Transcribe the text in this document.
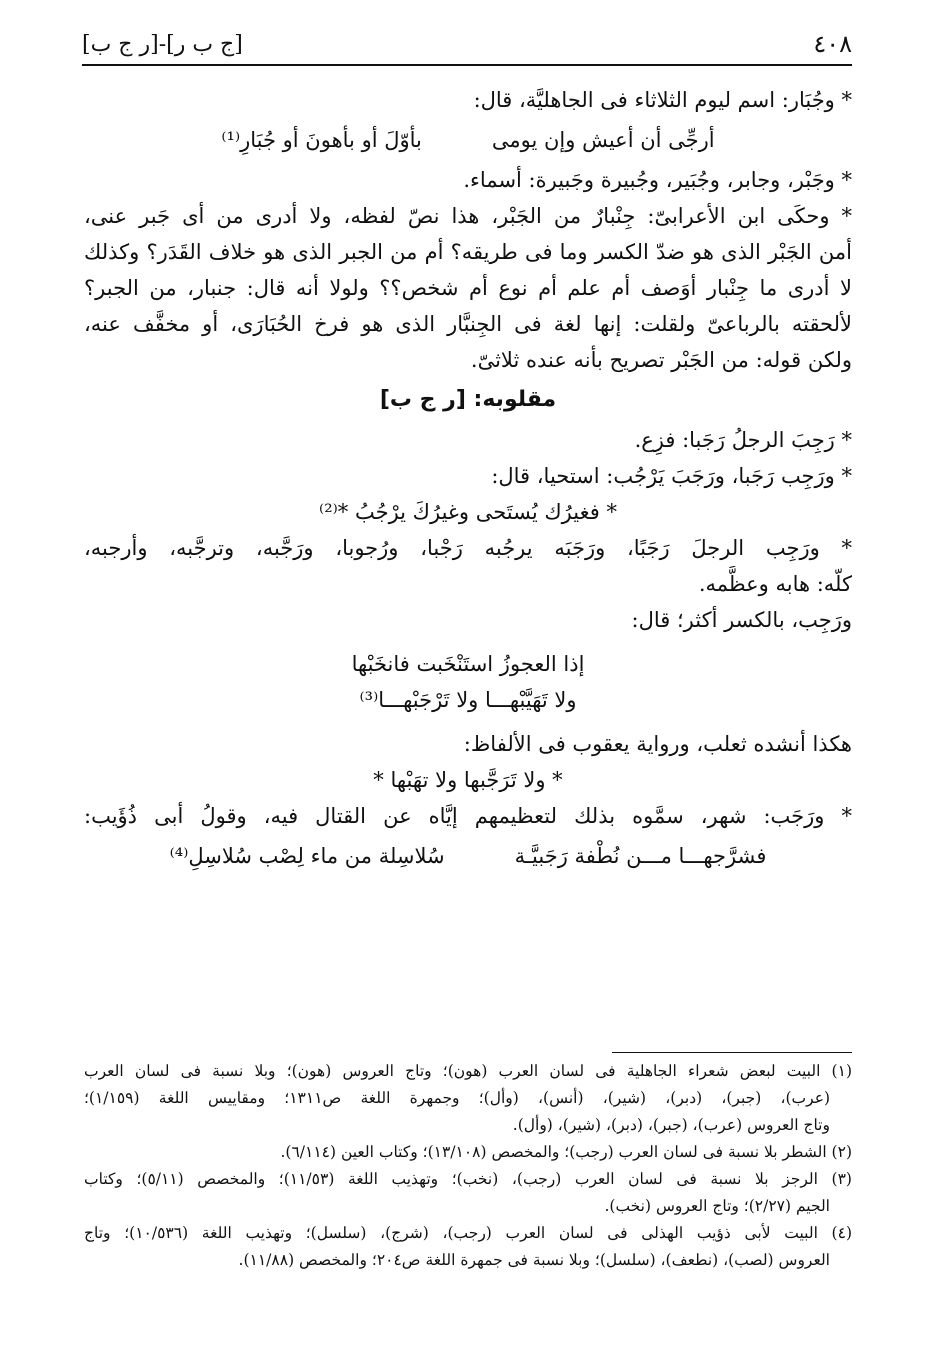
٤٠٨
[ج ب ر]-[ر ج ب]
* وجُبَار: اسم ليوم الثلاثاء فى الجاهليَّة، قال:
أرجِّى أن أعيش وإن يومى
بأوّلَ أو بأهونَ أو جُبَارِ⁽¹⁾
* وجَبْر، وجابر، وجُبَير، وجُبيرة وجَبيرة: أسماء.
* وحكَى ابن الأعرابىّ: جِنْبارٌ من الجَبْر، هذا نصّ لفظه، ولا أدرى من أى جَبر عنى،
أمن الجَبْر الذى هو ضدّ الكسر وما فى طريقه؟ أم من الجبر الذى هو خلاف القَدَر؟ وكذلك
لا أدرى ما جِنْبار أوَصف أم علم أم نوع أم شخص؟؟ ولولا أنه قال: جنبار، من الجبر؟
لألحقته بالرباعىّ ولقلت: إنها لغة فى الجِنبَّار الذى هو فرخ الحُبَارَى، أو مخفَّف عنه،
ولكن قوله: من الجَبْر تصريح بأنه عنده ثلاثىّ.
مقلوبه: [ر ج ب]
* رَجِبَ الرجلُ رَجَبا: فزِع.
* ورَجِب رَجَبا، ورَجَبَ يَرْجُب: استحيا، قال:
* فغيرُك يُستَحى وغيرُكَ يرْجُبُ *⁽²⁾
* ورَجِب الرجلَ رَجَبًا، ورَجَبَه يرجُبه رَجْبا، ورُجوبا، ورَجَّبه، وترجَّبه، وأرجبه،
كلّه: هابه وعظَّمه.
ورَجِب، بالكسر أكثر؛ قال:
إذا العجوزُ استَنْخَبت فانخَبْها
ولا تَهَيَّبْهـــا ولا تَرْجَبْهـــا⁽³⁾
هكذا أنشده ثعلب، ورواية يعقوب فى الألفاظ:
* ولا تَرَجَّبها ولا تهَبْها *
* ورَجَب: شهر، سمَّوه بذلك لتعظيمهم إيَّاه عن القتال فيه، وقولُ أبى ذُؤَيب:
فشرَّجهـــا مـــن نُطْفة رَجَبيَّـة
سُلاسِلة من ماء لِصْب سُلاسِلِ⁽⁴⁾
(١) البيت لبعض شعراء الجاهلية فى لسان العرب (هون)؛ وتاج العروس (هون)؛ وبلا نسبة فى لسان العرب
(عرب)، (جبر)، (دبر)، (شير)، (أنس)، (وأل)؛ وجمهرة اللغة ص١٣١١؛ ومقاييس اللغة (١/١٥٩)؛
وتاج العروس (عرب)، (جبر)، (دبر)، (شير)، (وأل).
(٢) الشطر بلا نسبة فى لسان العرب (رجب)؛ والمخصص (١٣/١٠٨)؛ وكتاب العين (٦/١١٤).
(٣) الرجز بلا نسبة فى لسان العرب (رجب)، (نخب)؛ وتهذيب اللغة (١١/٥٣)؛ والمخصص (٥/١١)؛ وكتاب
الجيم (٢/٢٧)؛ وتاج العروس (نخب).
(٤) البيت لأبى ذؤيب الهذلى فى لسان العرب (رجب)، (شرج)، (سلسل)؛ وتهذيب اللغة (١٠/٥٣٦)؛ وتاج
العروس (لصب)، (نطعف)، (سلسل)؛ وبلا نسبة فى جمهرة اللغة ص٢٠٤؛ والمخصص (١١/٨٨).
